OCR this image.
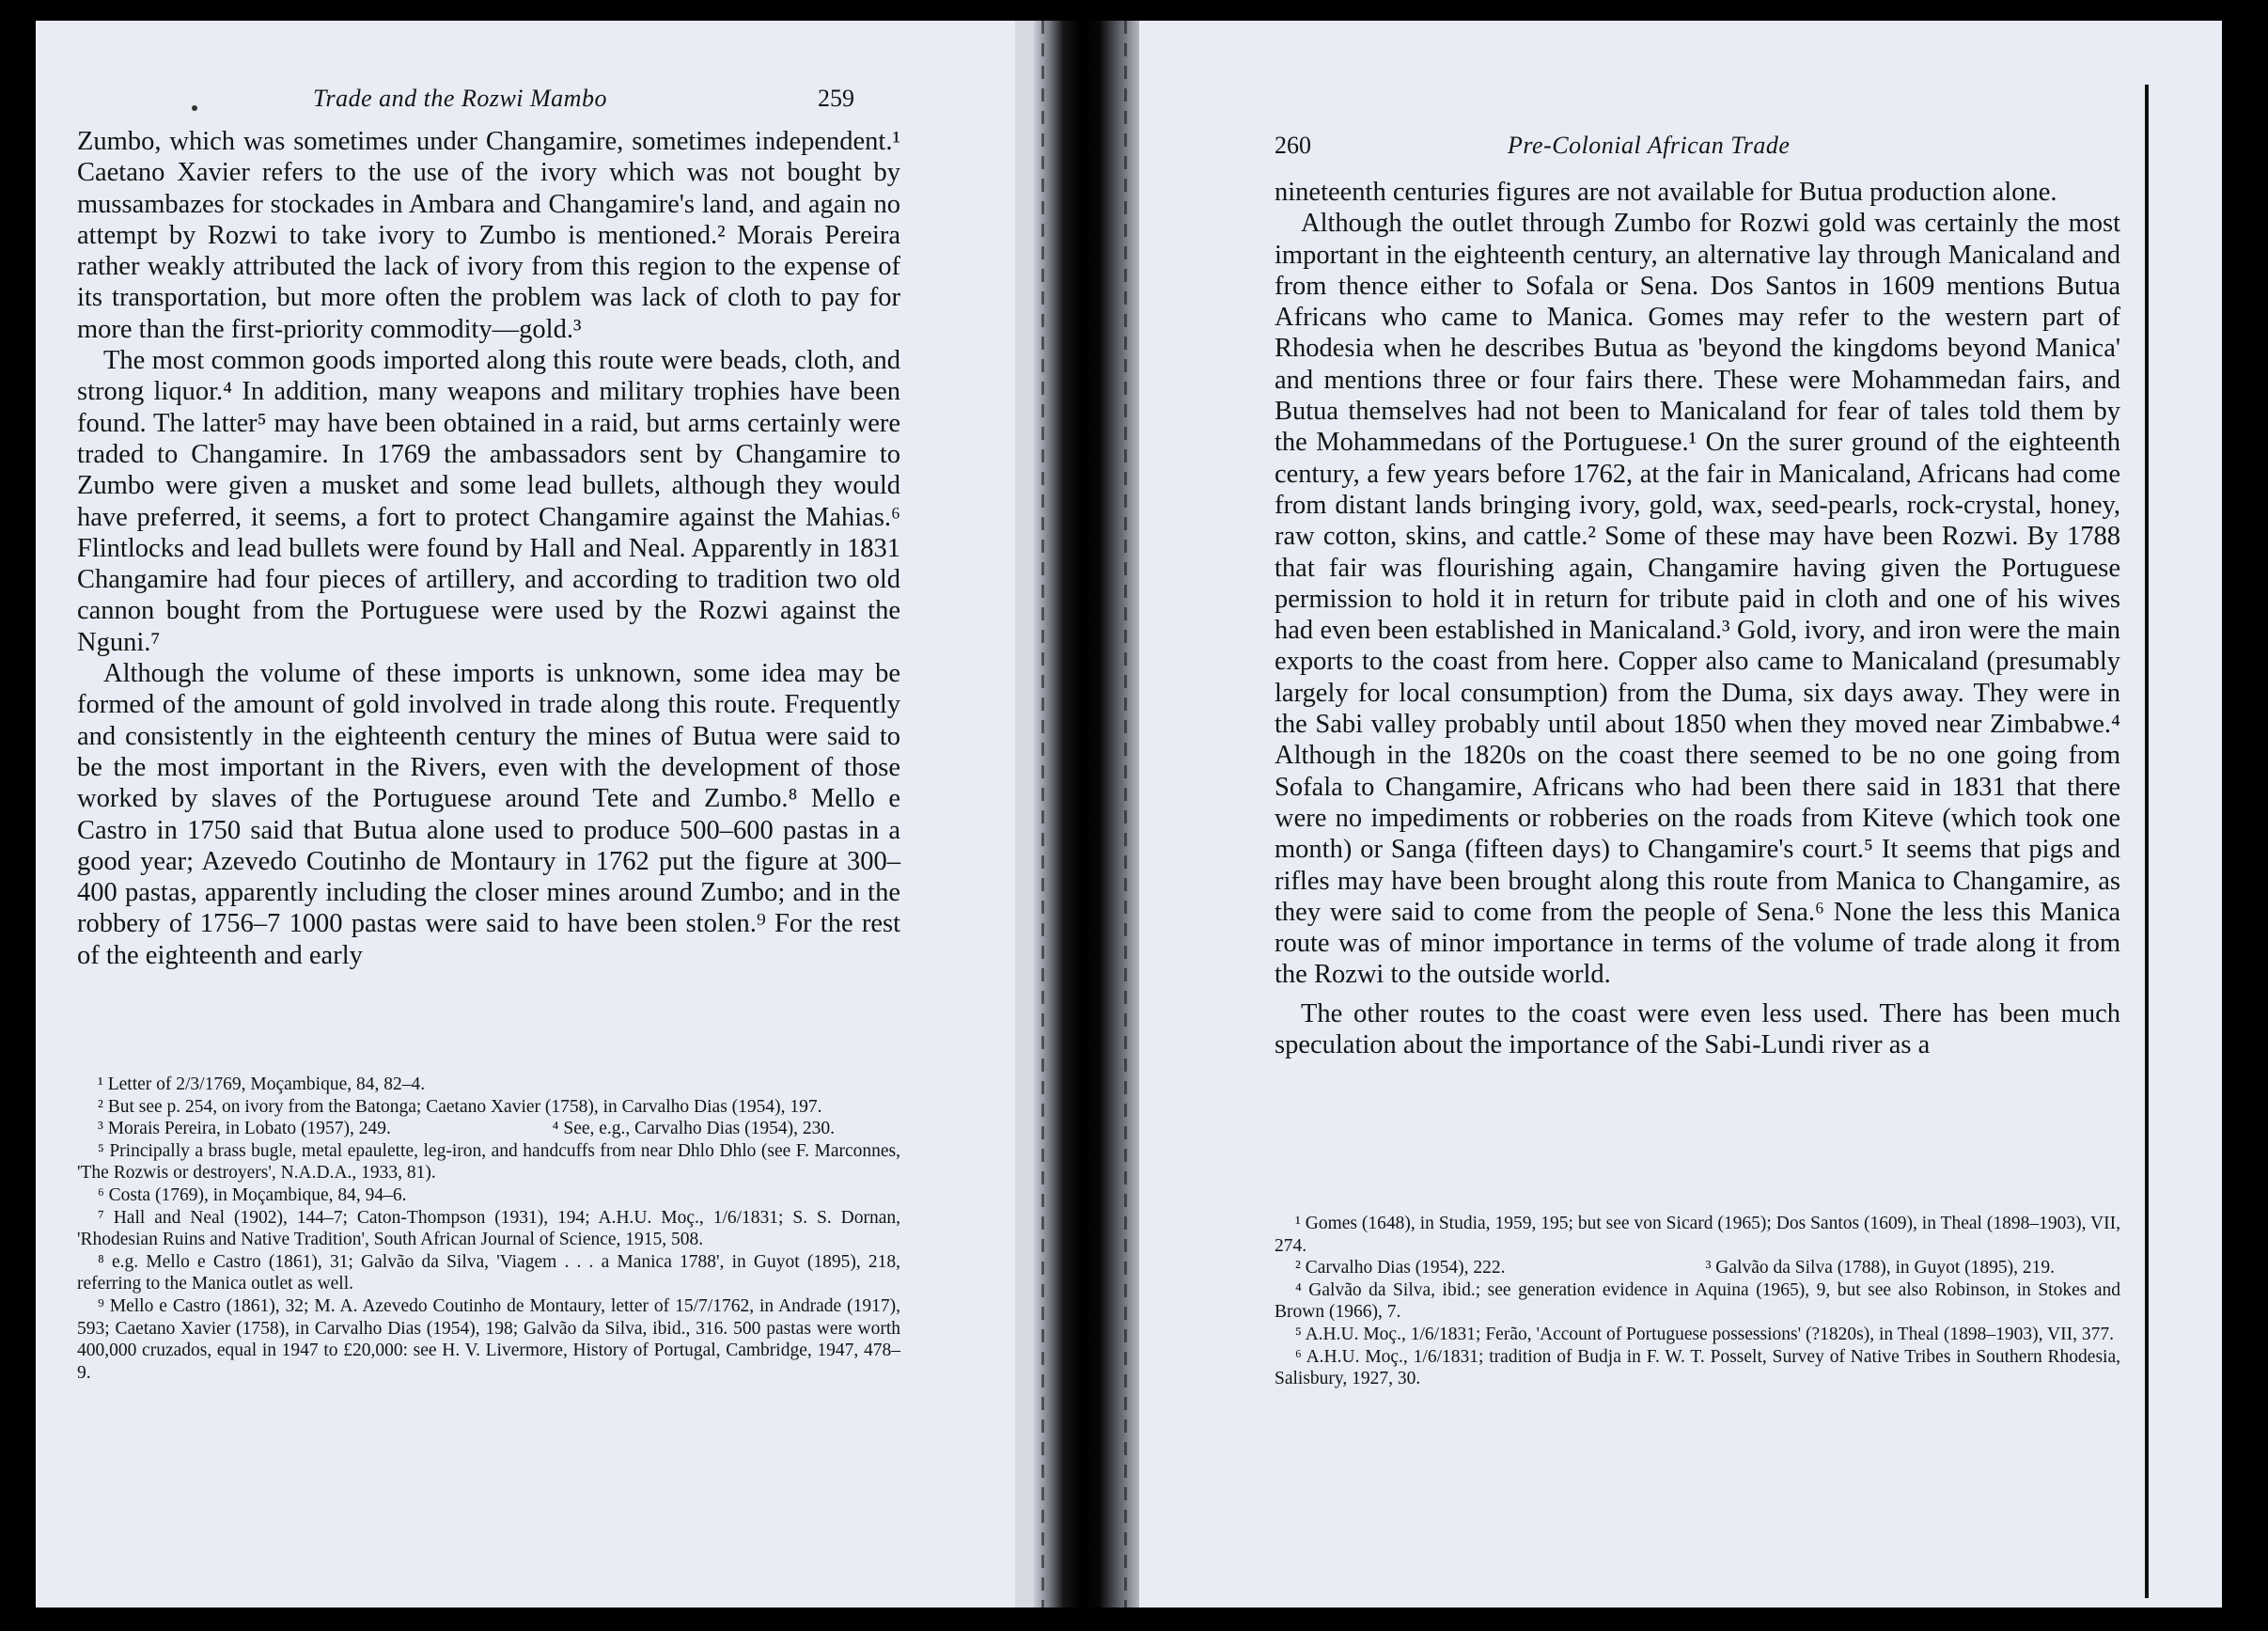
Trade and the Rozwi Mambo	259

Zumbo, which was sometimes under Changamire, sometimes independent.¹ Caetano Xavier refers to the use of the ivory which was not bought by mussambazes for stockades in Ambara and Changamire's land, and again no attempt by Rozwi to take ivory to Zumbo is mentioned.² Morais Pereira rather weakly attributed the lack of ivory from this region to the expense of its transportation, but more often the problem was lack of cloth to pay for more than the first-priority commodity—gold.³

The most common goods imported along this route were beads, cloth, and strong liquor.⁴ In addition, many weapons and military trophies have been found. The latter⁵ may have been obtained in a raid, but arms certainly were traded to Changamire. In 1769 the ambassadors sent by Changamire to Zumbo were given a musket and some lead bullets, although they would have preferred, it seems, a fort to protect Changamire against the Mahias.⁶ Flintlocks and lead bullets were found by Hall and Neal. Apparently in 1831 Changamire had four pieces of artillery, and according to tradition two old cannon bought from the Portuguese were used by the Rozwi against the Nguni.⁷

Although the volume of these imports is unknown, some idea may be formed of the amount of gold involved in trade along this route. Frequently and consistently in the eighteenth century the mines of Butua were said to be the most important in the Rivers, even with the development of those worked by slaves of the Portuguese around Tete and Zumbo.⁸ Mello e Castro in 1750 said that Butua alone used to produce 500–600 pastas in a good year; Azevedo Coutinho de Montaury in 1762 put the figure at 300–400 pastas, apparently including the closer mines around Zumbo; and in the robbery of 1756–7 1000 pastas were said to have been stolen.⁹ For the rest of the eighteenth and early

¹ Letter of 2/3/1769, Moçambique, 84, 82–4.

² But see p. 254, on ivory from the Batonga; Caetano Xavier (1758), in Carvalho Dias (1954), 197.

³ Morais Pereira, in Lobato (1957), 249.	⁴ See, e.g., Carvalho Dias (1954), 230.

⁵ Principally a brass bugle, metal epaulette, leg-iron, and handcuffs from near Dhlo Dhlo (see F. Marconnes, 'The Rozwis or destroyers', N.A.D.A., 1933, 81).

⁶ Costa (1769), in Moçambique, 84, 94–6.

⁷ Hall and Neal (1902), 144–7; Caton-Thompson (1931), 194; A.H.U. Moç., 1/6/1831; S. S. Dornan, 'Rhodesian Ruins and Native Tradition', South African Journal of Science, 1915, 508.

⁸ e.g. Mello e Castro (1861), 31; Galvão da Silva, 'Viagem . . . a Manica 1788', in Guyot (1895), 218, referring to the Manica outlet as well.

⁹ Mello e Castro (1861), 32; M. A. Azevedo Coutinho de Montaury, letter of 15/7/1762, in Andrade (1917), 593; Caetano Xavier (1758), in Carvalho Dias (1954), 198; Galvão da Silva, ibid., 316. 500 pastas were worth 400,000 cruzados, equal in 1947 to £20,000: see H. V. Livermore, History of Portugal, Cambridge, 1947, 478–9.

260	Pre-Colonial African Trade

nineteenth centuries figures are not available for Butua production alone.

Although the outlet through Zumbo for Rozwi gold was certainly the most important in the eighteenth century, an alternative lay through Manicaland and from thence either to Sofala or Sena. Dos Santos in 1609 mentions Butua Africans who came to Manica. Gomes may refer to the western part of Rhodesia when he describes Butua as 'beyond the kingdoms beyond Manica' and mentions three or four fairs there. These were Mohammedan fairs, and Butua themselves had not been to Manicaland for fear of tales told them by the Mohammedans of the Portuguese.¹ On the surer ground of the eighteenth century, a few years before 1762, at the fair in Manicaland, Africans had come from distant lands bringing ivory, gold, wax, seed-pearls, rock-crystal, honey, raw cotton, skins, and cattle.² Some of these may have been Rozwi. By 1788 that fair was flourishing again, Changamire having given the Portuguese permission to hold it in return for tribute paid in cloth and one of his wives had even been established in Manicaland.³ Gold, ivory, and iron were the main exports to the coast from here. Copper also came to Manicaland (presumably largely for local consumption) from the Duma, six days away. They were in the Sabi valley probably until about 1850 when they moved near Zimbabwe.⁴ Although in the 1820s on the coast there seemed to be no one going from Sofala to Changamire, Africans who had been there said in 1831 that there were no impediments or robberies on the roads from Kiteve (which took one month) or Sanga (fifteen days) to Changamire's court.⁵ It seems that pigs and rifles may have been brought along this route from Manica to Changamire, as they were said to come from the people of Sena.⁶ None the less this Manica route was of minor importance in terms of the volume of trade along it from the Rozwi to the outside world.

The other routes to the coast were even less used. There has been much speculation about the importance of the Sabi-Lundi river as a

¹ Gomes (1648), in Studia, 1959, 195; but see von Sicard (1965); Dos Santos (1609), in Theal (1898–1903), VII, 274.

² Carvalho Dias (1954), 222.	³ Galvão da Silva (1788), in Guyot (1895), 219.

⁴ Galvão da Silva, ibid.; see generation evidence in Aquina (1965), 9, but see also Robinson, in Stokes and Brown (1966), 7.

⁵ A.H.U. Moç., 1/6/1831; Ferão, 'Account of Portuguese possessions' (?1820s), in Theal (1898–1903), VII, 377.

⁶ A.H.U. Moç., 1/6/1831; tradition of Budja in F. W. T. Posselt, Survey of Native Tribes in Southern Rhodesia, Salisbury, 1927, 30.
